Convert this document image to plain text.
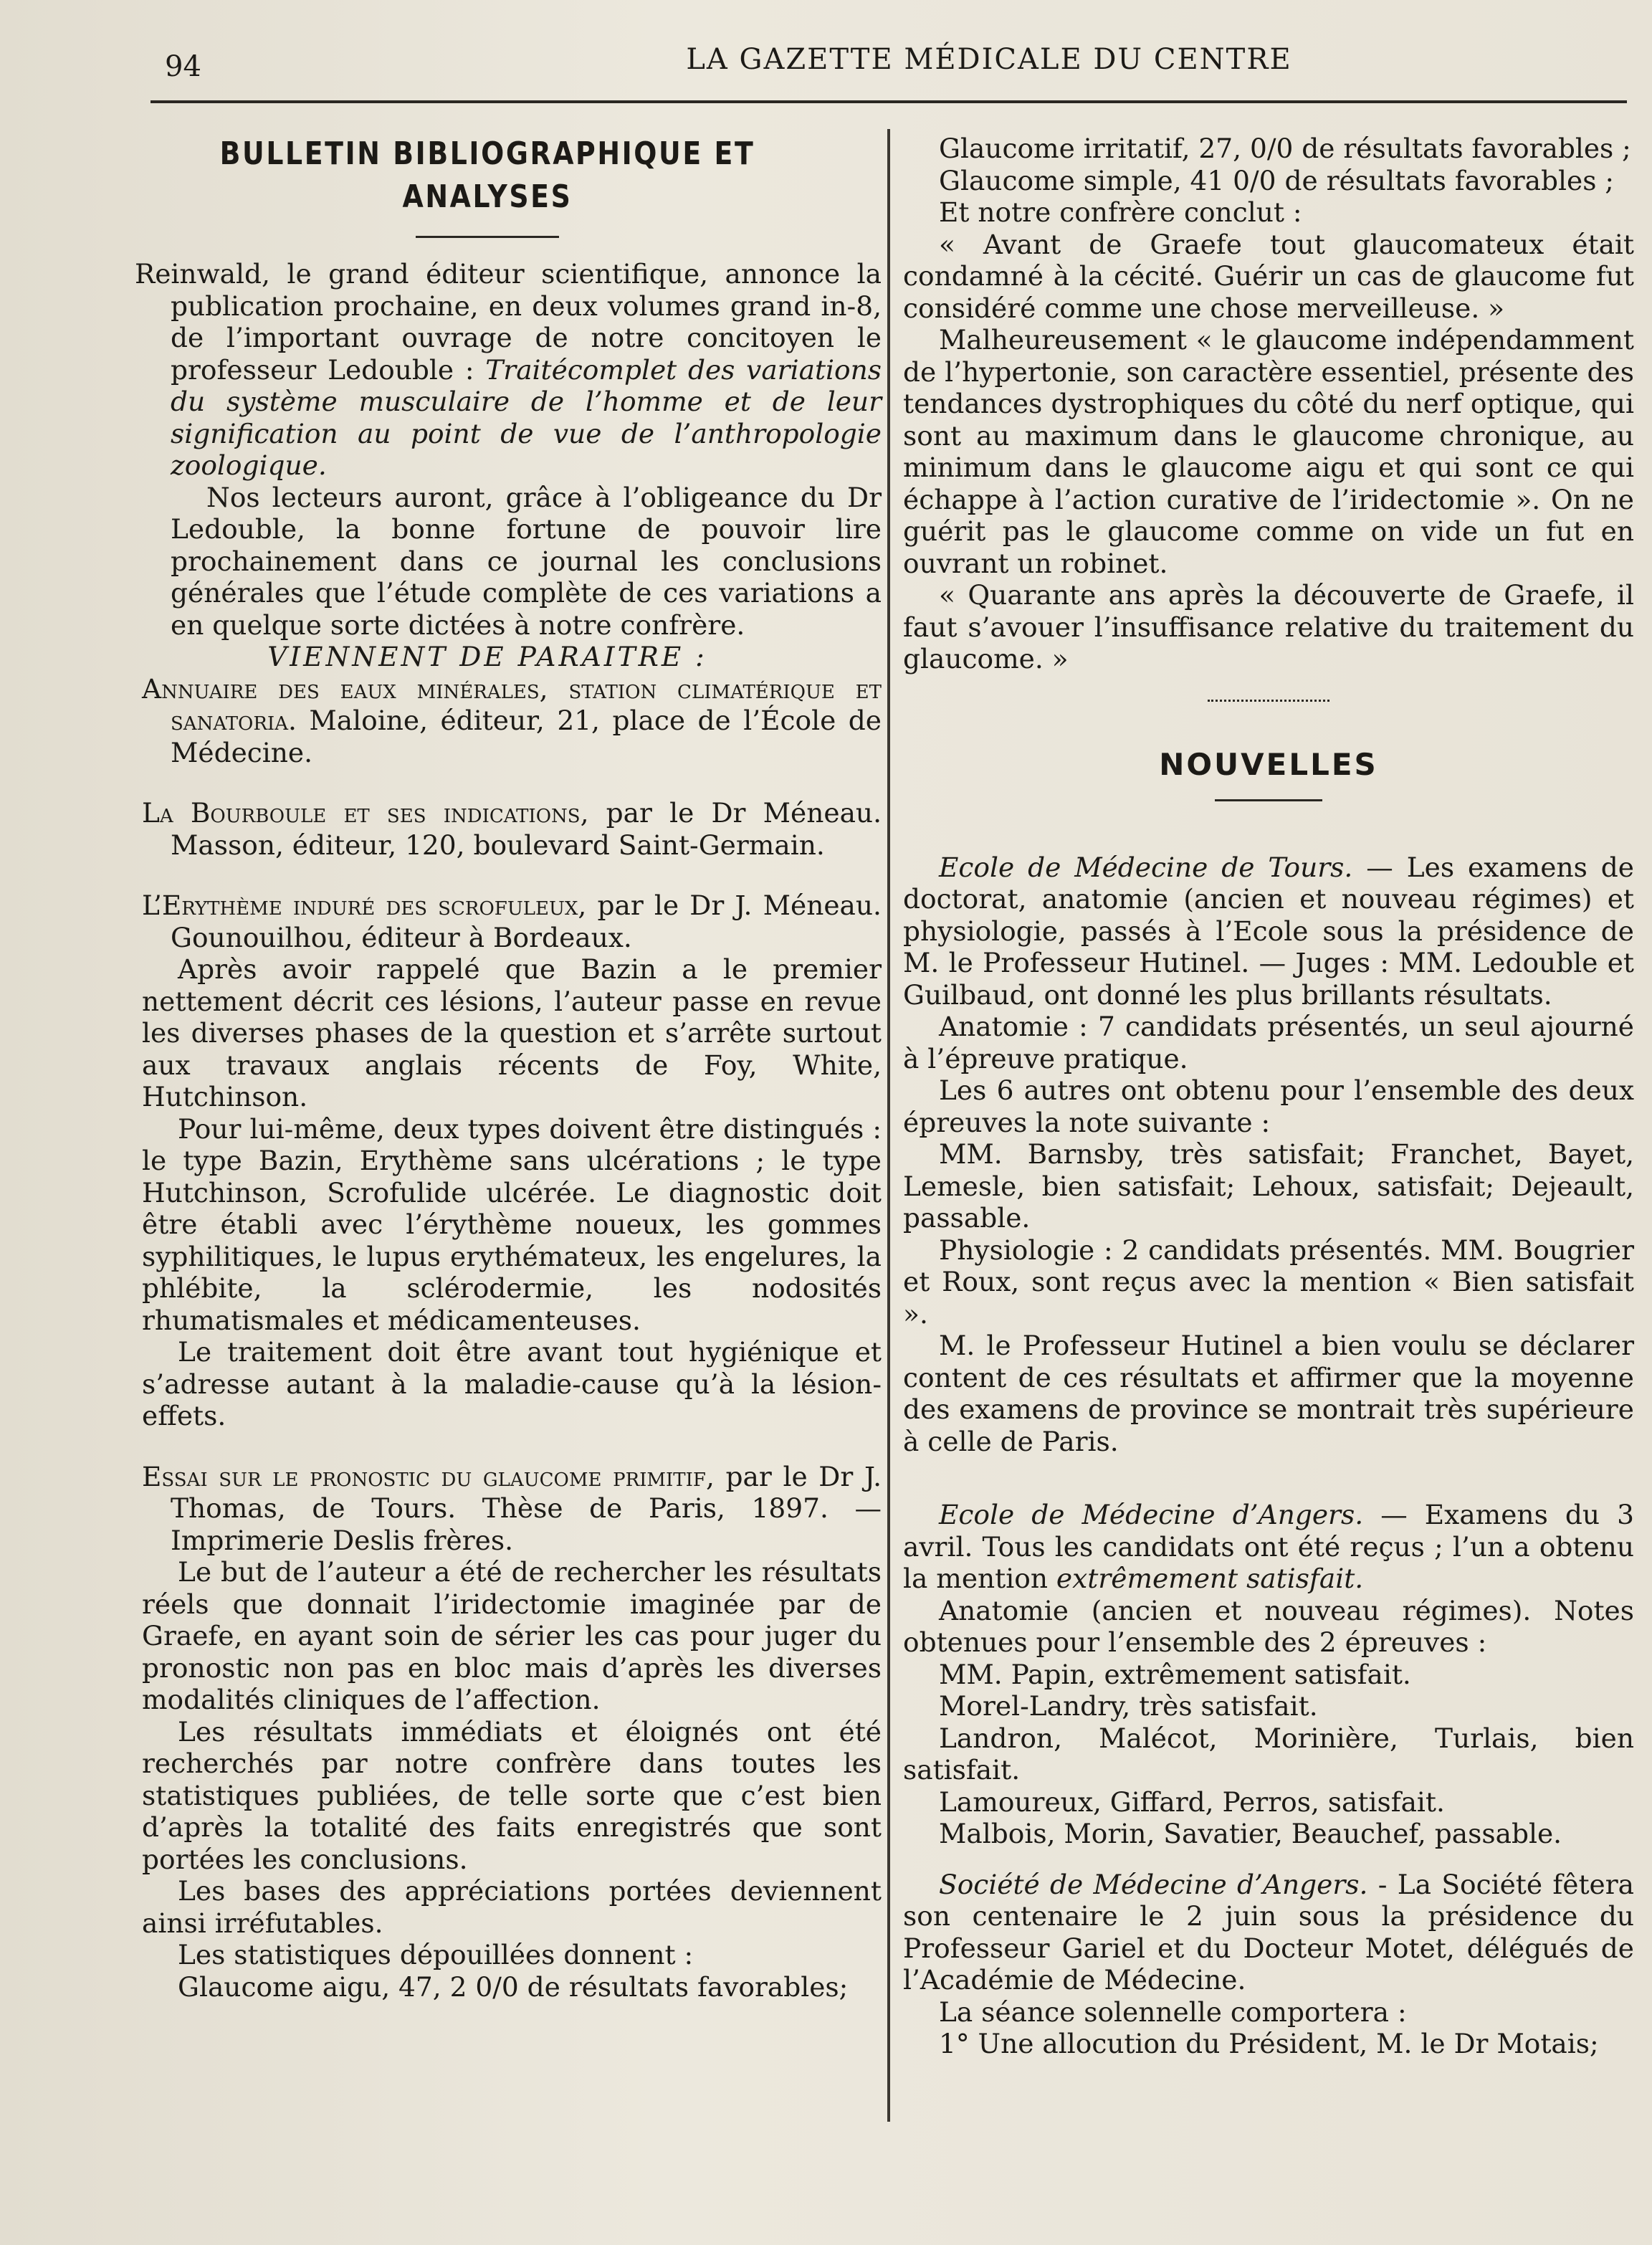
94	LA GAZETTE MÉDICALE DU CENTRE

BULLETIN BIBLIOGRAPHIQUE ET ANALYSES

Reinwald, le grand éditeur scientifique, annonce la publication prochaine, en deux volumes grand in-8, de l’important ouvrage de notre concitoyen le professeur Ledouble : Traitécomplet des variations du système musculaire de l’homme et de leur signification au point de vue de l’anthropologie zoologique.

Nos lecteurs auront, grâce à l’obligeance du Dr Ledouble, la bonne fortune de pouvoir lire prochainement dans ce journal les conclusions générales que l’étude complète de ces variations a en quelque sorte dictées à notre confrère.

VIENNENT DE PARAITRE :

Annuaire des eaux minérales, station climatérique et sanatoria. Maloine, éditeur, 21, place de l’École de Médecine.

La Bourboule et ses indications, par le Dr Méneau. Masson, éditeur, 120, boulevard Saint-Germain.

L’Erythème induré des scrofuleux, par le Dr J. Méneau. Gounouilhou, éditeur à Bordeaux.

Après avoir rappelé que Bazin a le premier nettement décrit ces lésions, l’auteur passe en revue les diverses phases de la question et s’arrête surtout aux travaux anglais récents de Foy, White, Hutchinson.

Pour lui-même, deux types doivent être distingués : le type Bazin, Erythème sans ulcérations ; le type Hutchinson, Scrofulide ulcérée. Le diagnostic doit être établi avec l’érythème noueux, les gommes syphilitiques, le lupus erythémateux, les engelures, la phlébite, la sclérodermie, les nodosités rhumatismales et médicamenteuses.

Le traitement doit être avant tout hygiénique et s’adresse autant à la maladie-cause qu’à la lésion-effets.

Essai sur le pronostic du glaucome primitif, par le Dr J. Thomas, de Tours. Thèse de Paris, 1897. — Imprimerie Deslis frères.

Le but de l’auteur a été de rechercher les résultats réels que donnait l’iridectomie imaginée par de Graefe, en ayant soin de sérier les cas pour juger du pronostic non pas en bloc mais d’après les diverses modalités cliniques de l’affection.

Les résultats immédiats et éloignés ont été recherchés par notre confrère dans toutes les statistiques publiées, de telle sorte que c’est bien d’après la totalité des faits enregistrés que sont portées les conclusions.

Les bases des appréciations portées deviennent ainsi irréfutables.

Les statistiques dépouillées donnent :

Glaucome aigu, 47, 2 0/0 de résultats favorables;

Glaucome irritatif, 27, 0/0 de résultats favorables ;

Glaucome simple, 41 0/0 de résultats favorables ;

Et notre confrère conclut :

« Avant de Graefe tout glaucomateux était condamné à la cécité. Guérir un cas de glaucome fut considéré comme une chose merveilleuse. »

Malheureusement « le glaucome indépendamment de l’hypertonie, son caractère essentiel, présente des tendances dystrophiques du côté du nerf optique, qui sont au maximum dans le glaucome chronique, au minimum dans le glaucome aigu et qui sont ce qui échappe à l’action curative de l’iridectomie ». On ne guérit pas le glaucome comme on vide un fut en ouvrant un robinet.

« Quarante ans après la découverte de Graefe, il faut s’avouer l’insuffisance relative du traitement du glaucome. »

NOUVELLES

Ecole de Médecine de Tours. — Les examens de doctorat, anatomie (ancien et nouveau régimes) et physiologie, passés à l’Ecole sous la présidence de M. le Professeur Hutinel. — Juges : MM. Ledouble et Guilbaud, ont donné les plus brillants résultats.

Anatomie : 7 candidats présentés, un seul ajourné à l’épreuve pratique.

Les 6 autres ont obtenu pour l’ensemble des deux épreuves la note suivante :

MM. Barnsby, très satisfait; Franchet, Bayet, Lemesle, bien satisfait; Lehoux, satisfait; Dejeault, passable.

Physiologie : 2 candidats présentés. MM. Bougrier et Roux, sont reçus avec la mention « Bien satisfait ».

M. le Professeur Hutinel a bien voulu se déclarer content de ces résultats et affirmer que la moyenne des examens de province se montrait très supérieure à celle de Paris.

Ecole de Médecine d’Angers. — Examens du 3 avril. Tous les candidats ont été reçus ; l’un a obtenu la mention extrêmement satisfait.

Anatomie (ancien et nouveau régimes). Notes obtenues pour l’ensemble des 2 épreuves :

MM. Papin, extrêmement satisfait.

Morel-Landry, très satisfait.

Landron, Malécot, Morinière, Turlais, bien satisfait.

Lamoureux, Giffard, Perros, satisfait.

Malbois, Morin, Savatier, Beauchef, passable.

Société de Médecine d’Angers. - La Société fêtera son centenaire le 2 juin sous la présidence du Professeur Gariel et du Docteur Motet, délégués de l’Académie de Médecine.

La séance solennelle comportera :

1° Une allocution du Président, M. le Dr Motais;
